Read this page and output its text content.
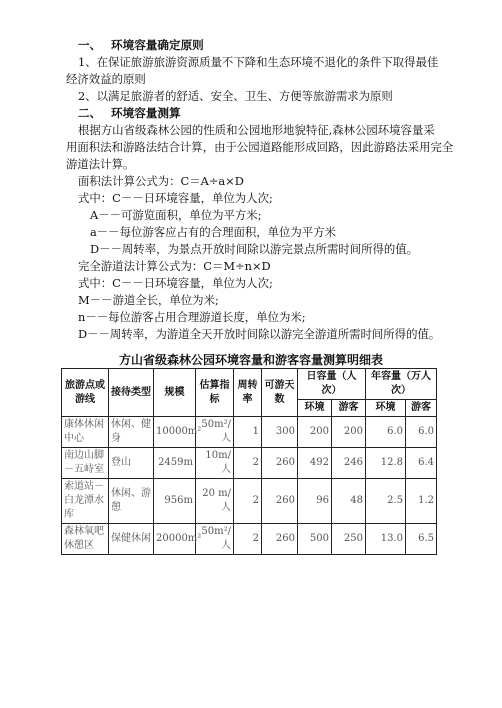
一、　 环境容量确定原则
1、在保证旅游旅游资源质量不下降和生态环境不退化的条件下取得最佳
经济效益的原则
2、以满足旅游者的舒适、安全、卫生、方便等旅游需求为原则
二、　 环境容量测算
根据方山省级森林公园的性质和公园地形地貌特征,森林公园环境容量采
用面积法和游路法结合计算，由于公园道路能形成回路，因此游路法采用完全
游道法计算。
面积法计算公式为：C＝A÷a×D
式中：C－－日环境容量，单位为人次;
A－－可游览面积，单位为平方米;
a－－每位游客应占有的合理面积，单位为平方米
D－－周转率，为景点开放时间除以游完景点所需时间所得的值。
完全游道法计算公式为：C＝M÷n×D
式中：C－－日环境容量，单位为人次;
M－－游道全长，单位为米;
n－－每位游客占用合理游道长度，单位为米;
D－－周转率，为游道全天开放时间除以游完全游道所需时间所得的值。
方山省级森林公园环境容量和游客容量测算明细表
旅游点或游线	接待类型	规模	估算指标	周转率	可游天数	日容量（人次）		年容量（万人次）	
						环境	游客	环境	游客
康体休闲中心	休闲、健身	10000m²	50m²/人	1	300	200	200	6.0	6.0
南边山脚－五峙室	登山	2459m	10m/人	2	260	492	246	12.8	6.4
索道站－白龙潭水库	休闲、游憩	956m	20 m/人	2	260	96	48	2.5	1.2
森林氧吧休憩区	保健休闲	20000m²	50m²/人	2	260	500	250	13.0	6.5
